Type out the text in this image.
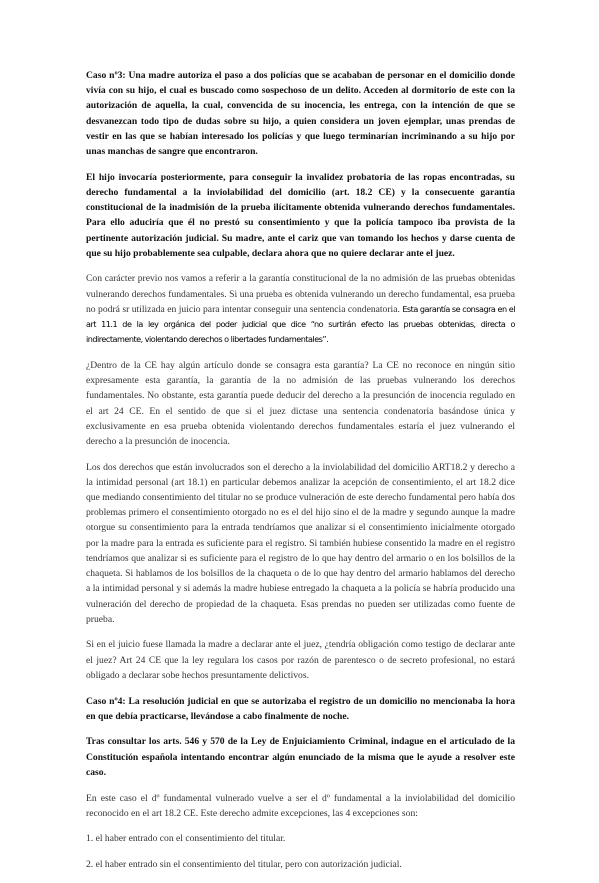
Caso nº3: Una madre autoriza el paso a dos policías que se acababan de personar en el domicilio donde vivía con su hijo, el cual es buscado como sospechoso de un delito. Acceden al dormitorio de este con la autorización de aquella, la cual, convencida de su inocencia, les entrega, con la intención de que se desvanezcan todo tipo de dudas sobre su hijo, a quien considera un joven ejemplar, unas prendas de vestir en las que se habían interesado los policías y que luego terminarían incriminando a su hijo por unas manchas de sangre que encontraron.

El hijo invocaría posteriormente, para conseguir la invalidez probatoria de las ropas encontradas, su derecho fundamental a la inviolabilidad del domicilio (art. 18.2 CE) y la consecuente garantía constitucional de la inadmisión de la prueba ilícitamente obtenida vulnerando derechos fundamentales. Para ello aduciría que él no prestó su consentimiento y que la policía tampoco iba provista de la pertinente autorización judicial. Su madre, ante el cariz que van tomando los hechos y darse cuenta de que su hijo probablemente sea culpable, declara ahora que no quiere declarar ante el juez.

Con carácter previo nos vamos a referir a la garantía constitucional de la no admisión de las pruebas obtenidas vulnerando derechos fundamentales. Si una prueba es obtenida vulnerando un derecho fundamental, esa prueba no podrá sr utilizada en juicio para intentar conseguir una sentencia condenatoria. Esta garantía se consagra en el art 11.1 de la ley orgánica del poder judicial que dice “no surtirán efecto las pruebas obtenidas, directa o indirectamente, violentando derechos o libertades fundamentales”.

¿Dentro de la CE hay algún artículo donde se consagra esta garantía? La CE no reconoce en ningún sitio expresamente esta garantía, la garantía de la no admisión de las pruebas vulnerando los derechos fundamentales. No obstante, esta garantía puede deducir del derecho a la presunción de inocencia regulado en el art 24 CE. En el sentido de que si el juez dictase una sentencia condenatoria basándose única y exclusivamente en esa prueba obtenida violentando derechos fundamentales estaría el juez vulnerando el derecho a la presunción de inocencia.

Los dos derechos que están involucrados son el derecho a la inviolabilidad del domicilio ART18.2 y derecho a la intimidad personal (art 18.1) en particular debemos analizar la acepción de consentimiento, el art 18.2 dice que mediando consentimiento del titular no se produce vulneración de este derecho fundamental pero había dos problemas primero el consentimiento otorgado no es el del hijo sino el de la madre y segundo aunque la madre otorgue su consentimiento para la entrada tendríamos que analizar si el consentimiento inicialmente otorgado por la madre para la entrada es suficiente para el registro. Si también hubiese consentido la madre en el registro tendríamos que analizar si es suficiente para el registro de lo que hay dentro del armario o en los bolsillos de la chaqueta. Si hablamos de los bolsillos de la chaqueta o de lo que hay dentro del armario hablamos del derecho a la intimidad personal y si además la madre hubiese entregado la chaqueta a la policía se habría producido una vulneración del derecho de propiedad de la chaqueta. Esas prendas no pueden ser utilizadas como fuente de prueba.

Si en el juicio fuese llamada la madre a declarar ante el juez, ¿tendría obligación como testigo de declarar ante el juez? Art 24 CE que la ley regulara los casos por razón de parentesco o de secreto profesional, no estará obligado a declarar sobe hechos presuntamente delictivos.

Caso nº4: La resolución judicial en que se autorizaba el registro de un domicilio no mencionaba la hora en que debía practicarse, llevándose a cabo finalmente de noche.

Tras consultar los arts. 546 y 570 de la Ley de Enjuiciamiento Criminal, indague en el articulado de la Constitución española intentando encontrar algún enunciado de la misma que le ayude a resolver este caso.

En este caso el dº fundamental vulnerado vuelve a ser el dº fundamental a la inviolabilidad del domicilio reconocido en el art 18.2 CE. Este derecho admite excepciones, las 4 excepciones son:

1. el haber entrado con el consentimiento del titular.

2. el haber entrado sin el consentimiento del titular, pero con autorización judicial.
